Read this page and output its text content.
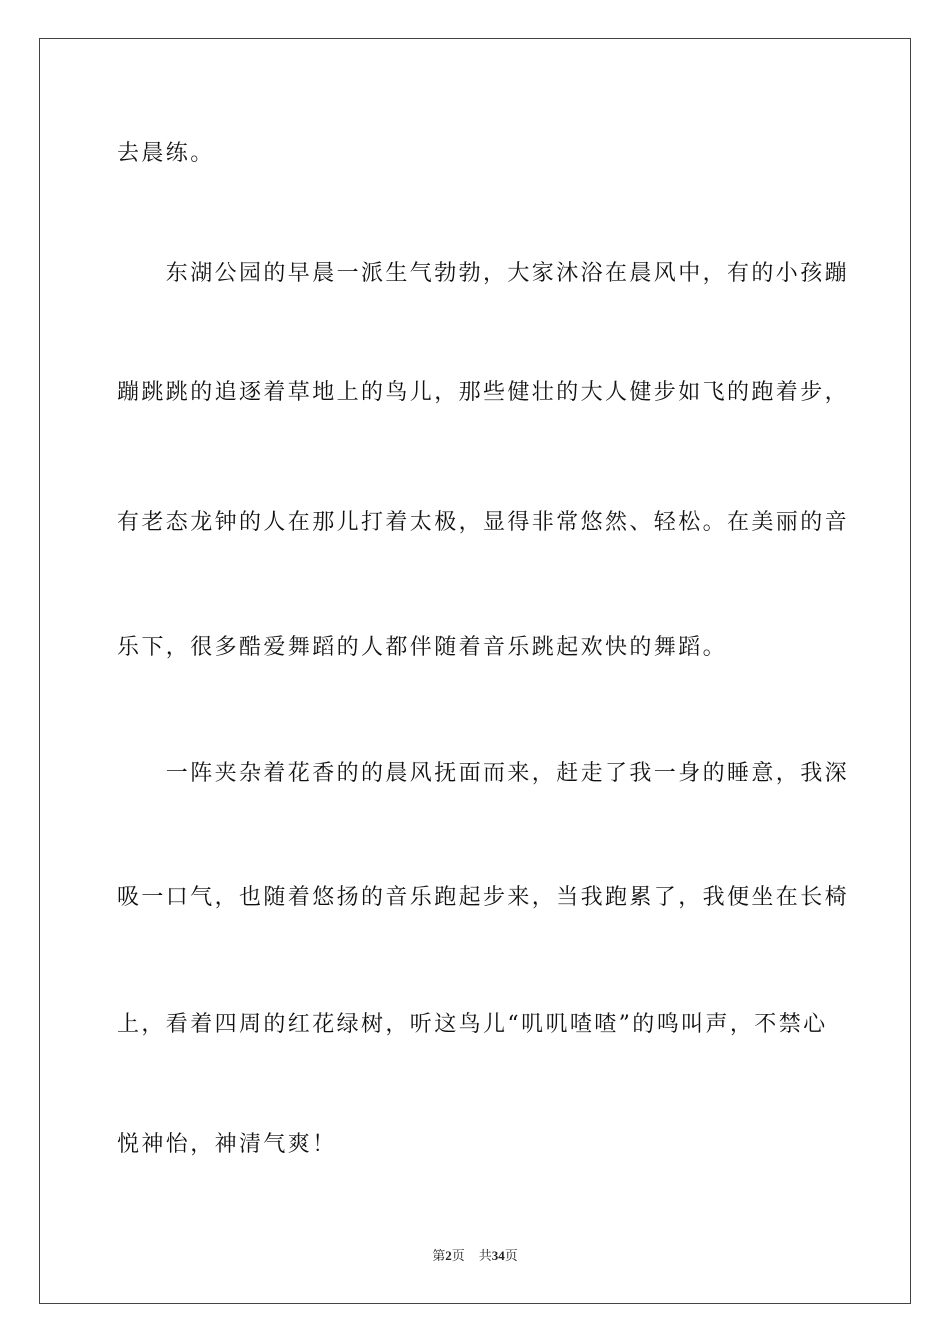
去晨练。
　　东湖公园的早晨一派生气勃勃，大家沐浴在晨风中，有的小孩蹦
蹦跳跳的追逐着草地上的鸟儿，那些健壮的大人健步如飞的跑着步，
有老态龙钟的人在那儿打着太极，显得非常悠然、轻松。在美丽的音
乐下，很多酷爱舞蹈的人都伴随着音乐跳起欢快的舞蹈。
　　一阵夹杂着花香的的晨风抚面而来，赶走了我一身的睡意，我深
吸一口气，也随着悠扬的音乐跑起步来，当我跑累了，我便坐在长椅
上，看着四周的红花绿树，听这鸟儿“叽叽喳喳”的鸣叫声，不禁心
悦神怡，神清气爽！
第2页 共34页
